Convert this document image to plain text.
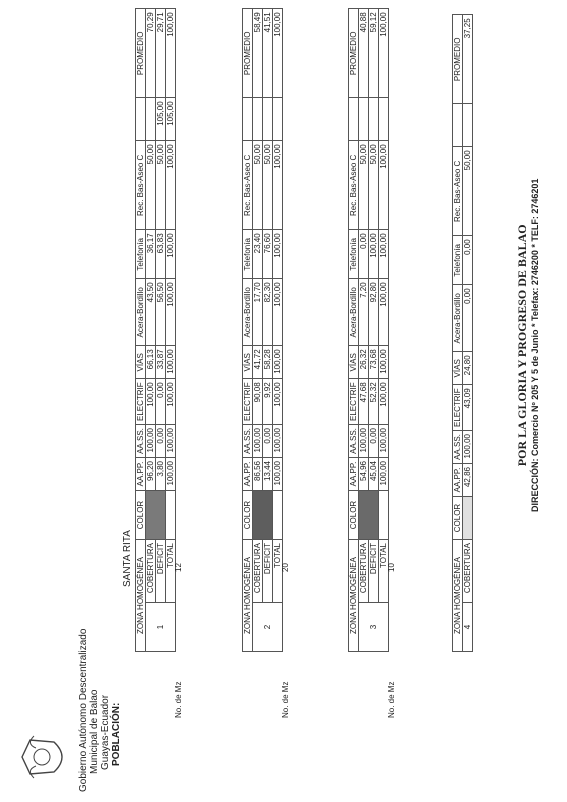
Gobierno Autónomo Descentralizado Municipal de Balao Guayas-Ecuador POBLACIÓN:
SANTA RITA ZONA HOMOGÉNEA		COLOR	AA.PP.	AA.SS.	ELECTRIF	VÍAS	Acera-Bordillo	Telefonía	Rec. Bas-Aseo C		PROMEDIO
1	COBERTURA		96,20	100,00	100,00	66,13	43,50	36,17	50,00		70,29
	DEFICIT		3,80	0,00	0,00	33,87	56,50	63,83	50,00	105,00	29,71
	TOTAL		100,00	100,00	100,00	100,00	100,00	100,00	100,00	105,00	100,00
No. de Mz
12	ZONA HOMOGÉNEA		COLOR	AA.PP.	AA.SS.	ELECTRIF	VÍAS	Acera-Bordillo	Telefonía	Rec. Bas-Aseo C		PROMEDIO
2	COBERTURA		86,56	100,00	90,08	41,72	17,70	23,40	50,00		58,49
	DEFICIT		13,44	0,00	9,92	58,28	82,30	76,60	50,00		41,51
	TOTAL		100,00	100,00	100,00	100,00	100,00	100,00	100,00		100,00
No. de Mz
20	ZONA HOMOGÉNEA		COLOR	AA.PP.	AA.SS.	ELECTRIF	VÍAS	Acera-Bordillo	Telefonía	Rec. Bas-Aseo C		PROMEDIO
3	COBERTURA		54,96	100,00	47,68	26,32	7,20	0,00	50,00		40,88
	DEFICIT		45,04	0,00	52,32	73,68	92,80	100,00	50,00		59,12
	TOTAL		100,00	100,00	100,00	100,00	100,00	100,00	100,00		100,00
No. de Mz
10	ZONA HOMOGÉNEA		COLOR	AA.PP.	AA.SS.	ELECTRIF	VÍAS	Acera-Bordillo	Telefonía	Rec. Bas-Aseo C		PROMEDIO
4	COBERTURA		42,86	100,00	43,09	24,80	0,00	0,00	50,00		37,25
POR LA GLORIA Y PROGRESO DE BALAO DIRECCIÓN: Comercio Nº 205 Y 5 de Junio * Telefax: 2746200 * TELF: 2746201
